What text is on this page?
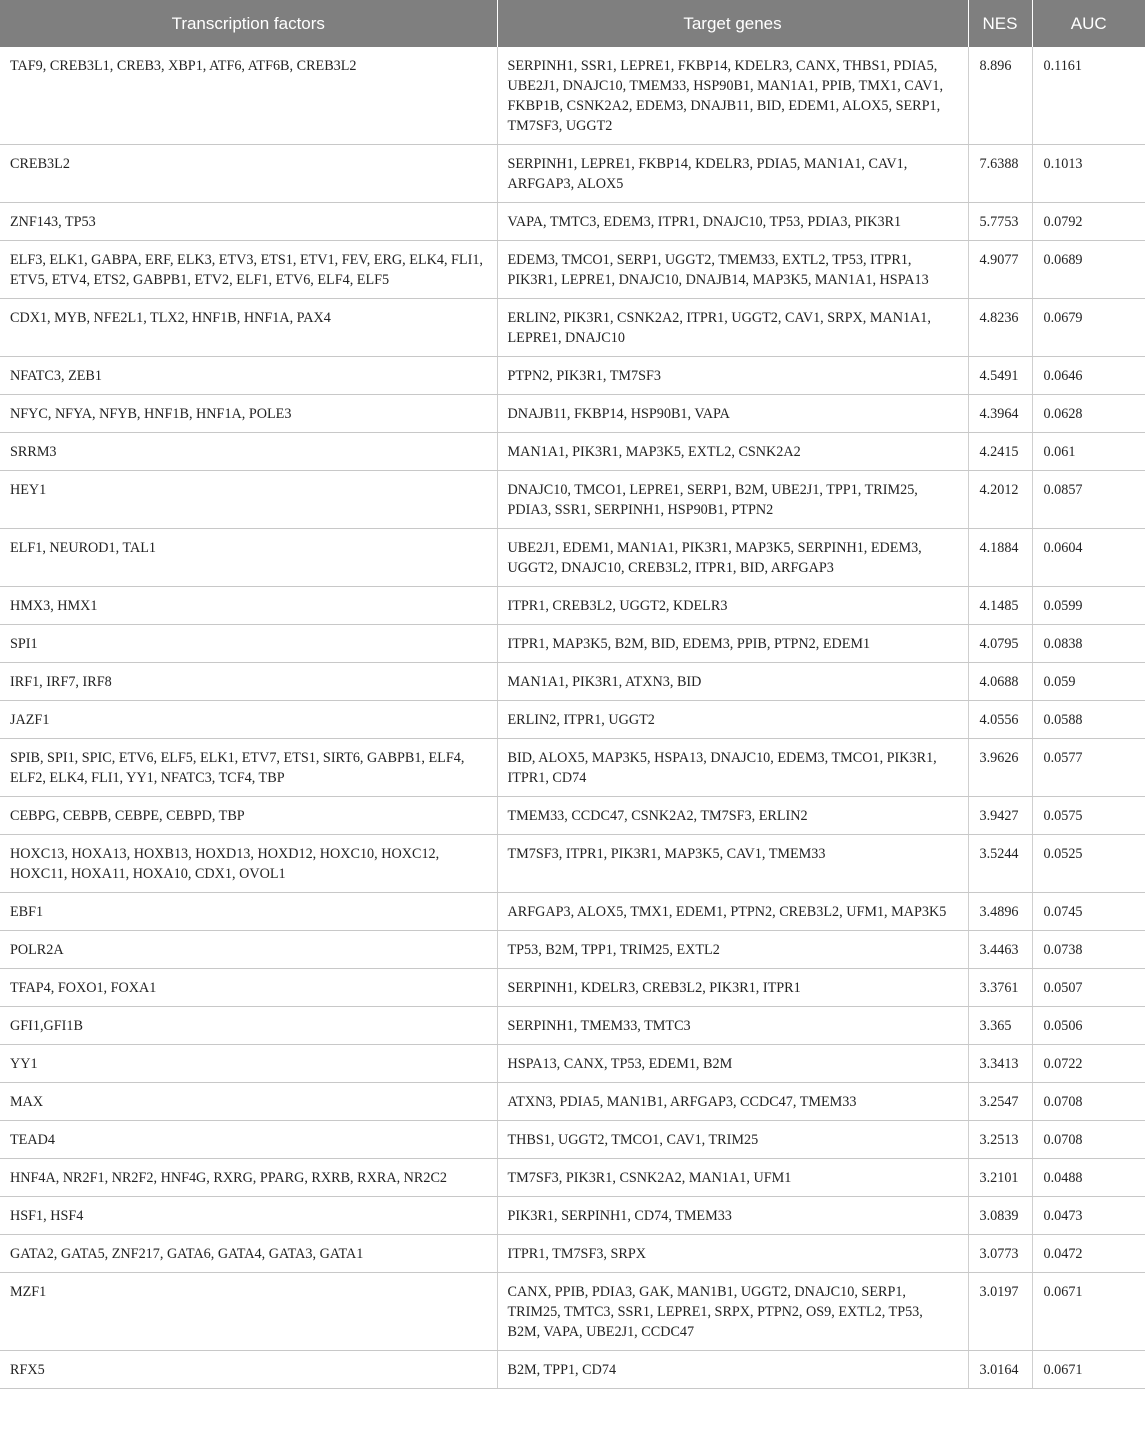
Transcription factors	Target genes	NES	AUC
TAF9, CREB3L1, CREB3, XBP1, ATF6, ATF6B, CREB3L2	SERPINH1, SSR1, LEPRE1, FKBP14, KDELR3, CANX, THBS1, PDIA5, UBE2J1, DNAJC10, TMEM33, HSP90B1, MAN1A1, PPIB, TMX1, CAV1, FKBP1B, CSNK2A2, EDEM3, DNAJB11, BID, EDEM1, ALOX5, SERP1, TM7SF3, UGGT2	8.896	0.1161
CREB3L2	SERPINH1, LEPRE1, FKBP14, KDELR3, PDIA5, MAN1A1, CAV1, ARFGAP3, ALOX5	7.6388	0.1013
ZNF143, TP53	VAPA, TMTC3, EDEM3, ITPR1, DNAJC10, TP53, PDIA3, PIK3R1	5.7753	0.0792
ELF3, ELK1, GABPA, ERF, ELK3, ETV3, ETS1, ETV1, FEV, ERG, ELK4, FLI1, ETV5, ETV4, ETS2, GABPB1, ETV2, ELF1, ETV6, ELF4, ELF5	EDEM3, TMCO1, SERP1, UGGT2, TMEM33, EXTL2, TP53, ITPR1, PIK3R1, LEPRE1, DNAJC10, DNAJB14, MAP3K5, MAN1A1, HSPA13	4.9077	0.0689
CDX1, MYB, NFE2L1, TLX2, HNF1B, HNF1A, PAX4	ERLIN2, PIK3R1, CSNK2A2, ITPR1, UGGT2, CAV1, SRPX, MAN1A1, LEPRE1, DNAJC10	4.8236	0.0679
NFATC3, ZEB1	PTPN2, PIK3R1, TM7SF3	4.5491	0.0646
NFYC, NFYA, NFYB, HNF1B, HNF1A, POLE3	DNAJB11, FKBP14, HSP90B1, VAPA	4.3964	0.0628
SRRM3	MAN1A1, PIK3R1, MAP3K5, EXTL2, CSNK2A2	4.2415	0.061
HEY1	DNAJC10, TMCO1, LEPRE1, SERP1, B2M, UBE2J1, TPP1, TRIM25, PDIA3, SSR1, SERPINH1, HSP90B1, PTPN2	4.2012	0.0857
ELF1, NEUROD1, TAL1	UBE2J1, EDEM1, MAN1A1, PIK3R1, MAP3K5, SERPINH1, EDEM3, UGGT2, DNAJC10, CREB3L2, ITPR1, BID, ARFGAP3	4.1884	0.0604
HMX3, HMX1	ITPR1, CREB3L2, UGGT2, KDELR3	4.1485	0.0599
SPI1	ITPR1, MAP3K5, B2M, BID, EDEM3, PPIB, PTPN2, EDEM1	4.0795	0.0838
IRF1, IRF7, IRF8	MAN1A1, PIK3R1, ATXN3, BID	4.0688	0.059
JAZF1	ERLIN2, ITPR1, UGGT2	4.0556	0.0588
SPIB, SPI1, SPIC, ETV6, ELF5, ELK1, ETV7, ETS1, SIRT6, GABPB1, ELF4, ELF2, ELK4, FLI1, YY1, NFATC3, TCF4, TBP	BID, ALOX5, MAP3K5, HSPA13, DNAJC10, EDEM3, TMCO1, PIK3R1, ITPR1, CD74	3.9626	0.0577
CEBPG, CEBPB, CEBPE, CEBPD, TBP	TMEM33, CCDC47, CSNK2A2, TM7SF3, ERLIN2	3.9427	0.0575
HOXC13, HOXA13, HOXB13, HOXD13, HOXD12, HOXC10, HOXC12, HOXC11, HOXA11, HOXA10, CDX1, OVOL1	TM7SF3, ITPR1, PIK3R1, MAP3K5, CAV1, TMEM33	3.5244	0.0525
EBF1	ARFGAP3, ALOX5, TMX1, EDEM1, PTPN2, CREB3L2, UFM1, MAP3K5	3.4896	0.0745
POLR2A	TP53, B2M, TPP1, TRIM25, EXTL2	3.4463	0.0738
TFAP4, FOXO1, FOXA1	SERPINH1, KDELR3, CREB3L2, PIK3R1, ITPR1	3.3761	0.0507
GFI1,GFI1B	SERPINH1, TMEM33, TMTC3	3.365	0.0506
YY1	HSPA13, CANX, TP53, EDEM1, B2M	3.3413	0.0722
MAX	ATXN3, PDIA5, MAN1B1, ARFGAP3, CCDC47, TMEM33	3.2547	0.0708
TEAD4	THBS1, UGGT2, TMCO1, CAV1, TRIM25	3.2513	0.0708
HNF4A, NR2F1, NR2F2, HNF4G, RXRG, PPARG, RXRB, RXRA, NR2C2	TM7SF3, PIK3R1, CSNK2A2, MAN1A1, UFM1	3.2101	0.0488
HSF1, HSF4	PIK3R1, SERPINH1, CD74, TMEM33	3.0839	0.0473
GATA2, GATA5, ZNF217, GATA6, GATA4, GATA3, GATA1	ITPR1, TM7SF3, SRPX	3.0773	0.0472
MZF1	CANX, PPIB, PDIA3, GAK, MAN1B1, UGGT2, DNAJC10, SERP1, TRIM25, TMTC3, SSR1, LEPRE1, SRPX, PTPN2, OS9, EXTL2, TP53, B2M, VAPA, UBE2J1, CCDC47	3.0197	0.0671
RFX5	B2M, TPP1, CD74	3.0164	0.0671
